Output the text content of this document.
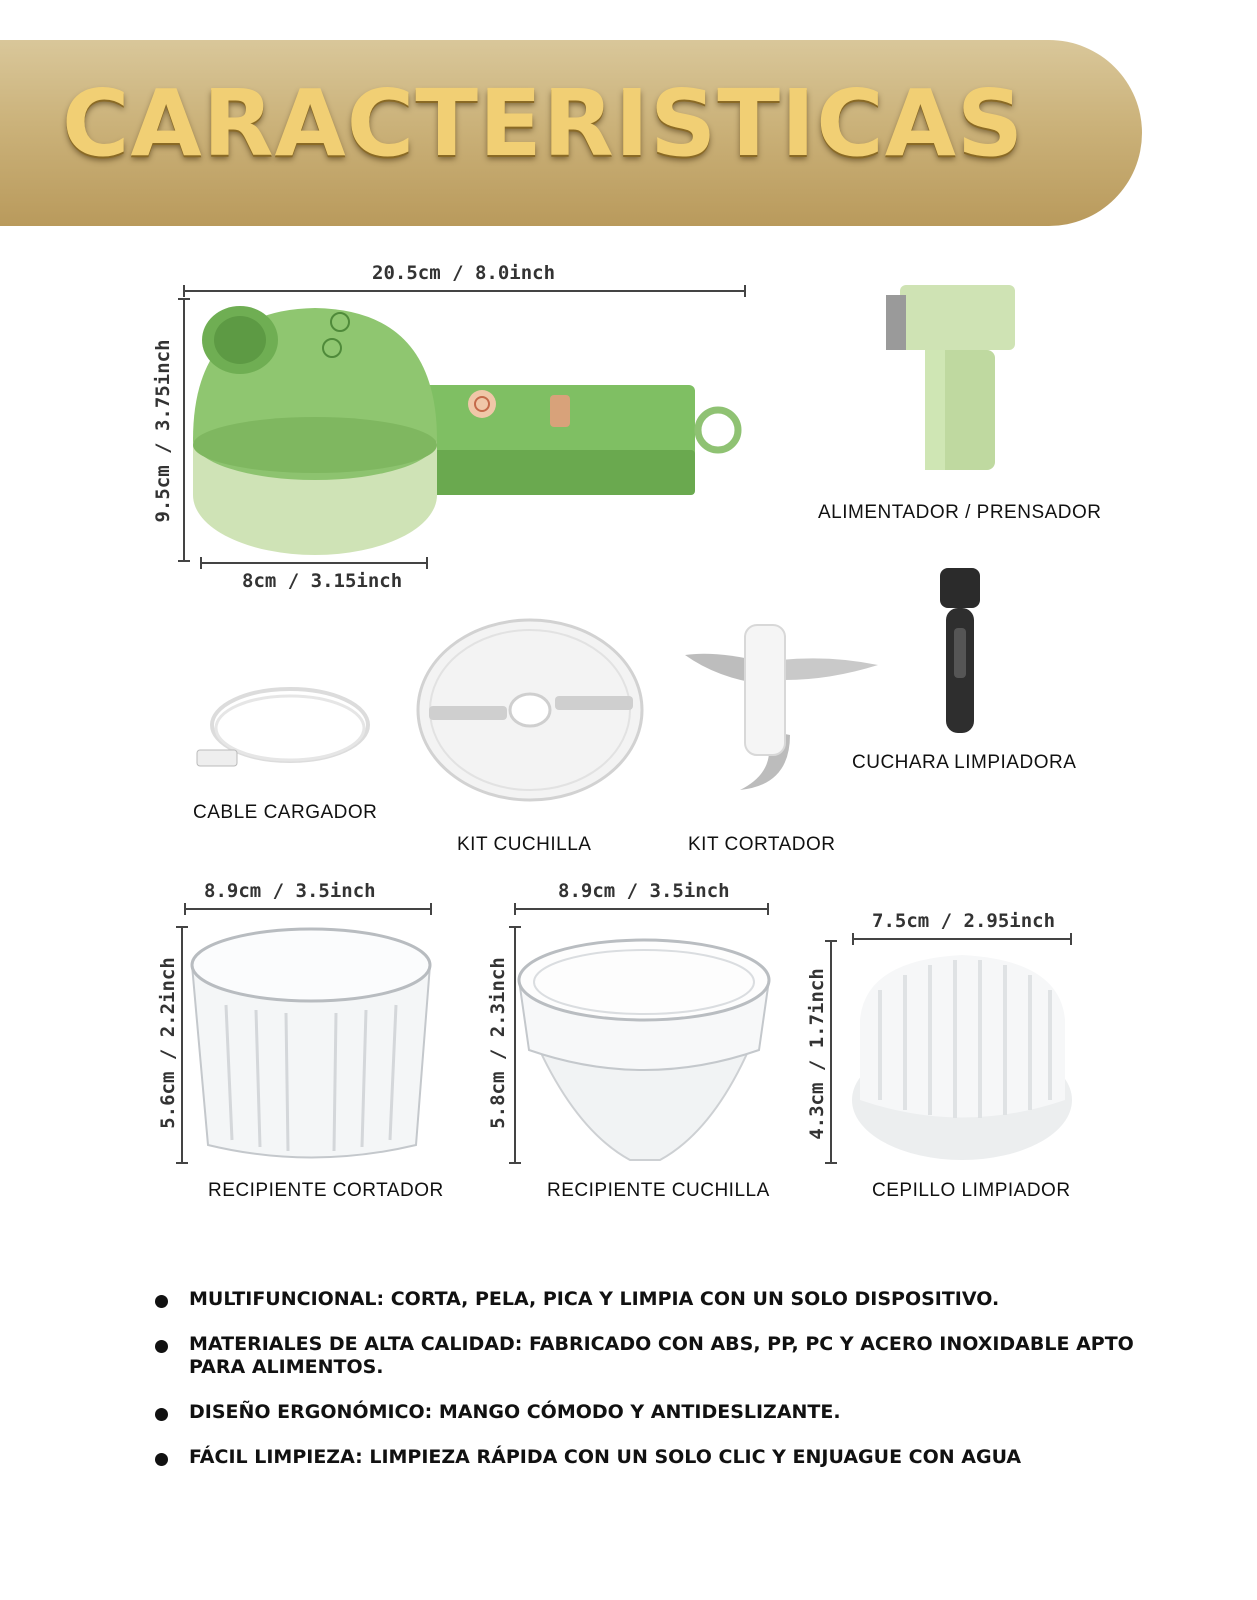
CARACTERISTICAS
20.5cm / 8.0inch
9.5cm / 3.75inch
8cm / 3.15inch
ALIMENTADOR / PRENSADOR
CUCHARA LIMPIADORA
CABLE CARGADOR
KIT CUCHILLA	KIT CORTADOR
8.9cm / 3.5inch
5.6cm / 2.2inch
RECIPIENTE CORTADOR
8.9cm / 3.5inch
5.8cm / 2.3inch
RECIPIENTE CUCHILLA
7.5cm / 2.95inch
4.3cm / 1.7inch
CEPILLO LIMPIADOR
MULTIFUNCIONAL: CORTA, PELA, PICA Y LIMPIA CON UN SOLO DISPOSITIVO.
MATERIALES DE ALTA CALIDAD: FABRICADO CON ABS, PP, PC Y ACERO INOXIDABLE APTO PARA ALIMENTOS.
DISEÑO ERGONÓMICO: MANGO CÓMODO Y ANTIDESLIZANTE.
FÁCIL LIMPIEZA: LIMPIEZA RÁPIDA CON UN SOLO CLIC Y ENJUAGUE CON AGUA
